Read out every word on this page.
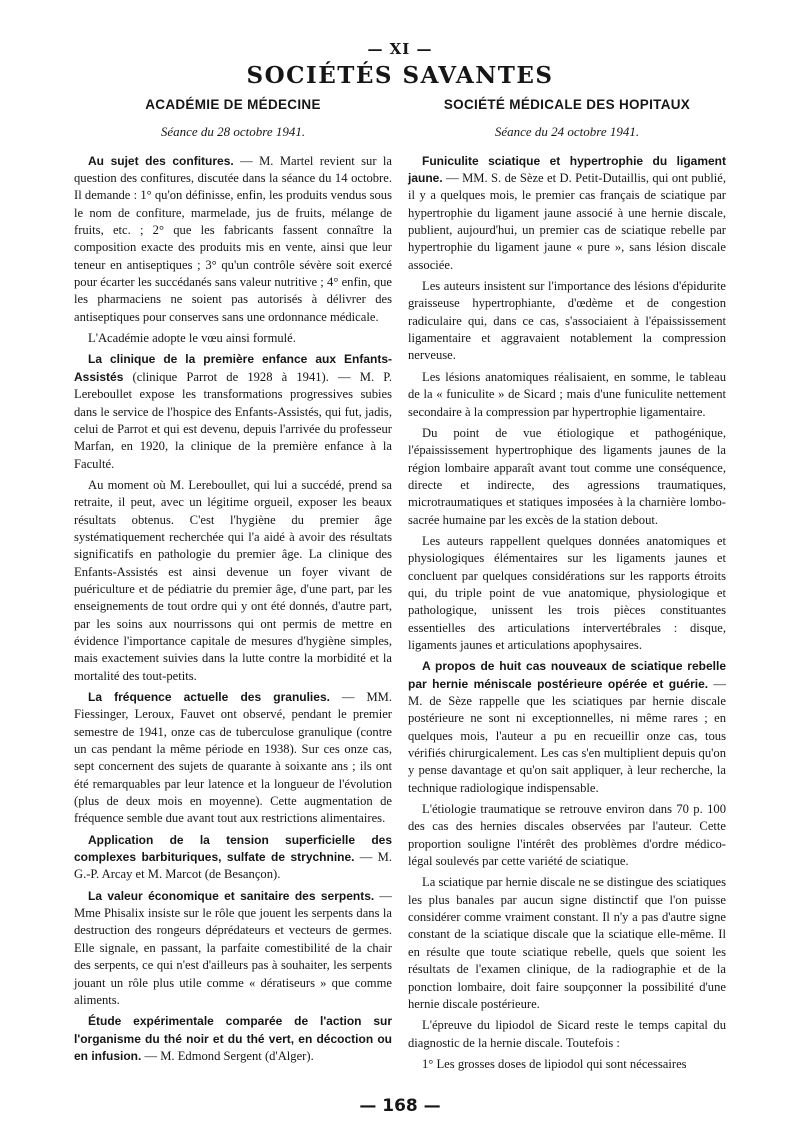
— XI —
SOCIÉTÉS SAVANTES
ACADÉMIE DE MÉDECINE
Séance du 28 octobre 1941.

Au sujet des confitures. — M. Martel revient sur la question des confitures, discutée dans la séance du 14 octobre. Il demande : 1° qu'on définisse, enfin, les produits vendus sous le nom de confiture, marmelade, jus de fruits, mélange de fruits, etc. ; 2° que les fabricants fassent connaître la composition exacte des produits mis en vente, ainsi que leur teneur en antiseptiques ; 3° qu'un contrôle sévère soit exercé pour écarter les succédanés sans valeur nutritive ; 4° enfin, que les pharmaciens ne soient pas autorisés à délivrer des antiseptiques pour conserves sans une ordonnance médicale.

L'Académie adopte le vœu ainsi formulé.

La clinique de la première enfance aux Enfants-Assistés (clinique Parrot de 1928 à 1941). — M. P. Lereboullet expose les transformations progressives subies dans le service de l'hospice des Enfants-Assistés, qui fut, jadis, celui de Parrot et qui est devenu, depuis l'arrivée du professeur Marfan, en 1920, la clinique de la première enfance à la Faculté.

Au moment où M. Lereboullet, qui lui a succédé, prend sa retraite, il peut, avec un légitime orgueil, exposer les beaux résultats obtenus. C'est l'hygiène du premier âge systématiquement recherchée qui l'a aidé à avoir des résultats significatifs en pathologie du premier âge. La clinique des Enfants-Assistés est ainsi devenue un foyer vivant de puériculture et de pédiatrie du premier âge, d'une part, par les enseignements de tout ordre qui y ont été donnés, d'autre part, par les soins aux nourrissons qui ont permis de mettre en évidence l'importance capitale de mesures d'hygiène simples, mais exactement suivies dans la lutte contre la morbidité et la mortalité des tout-petits.

La fréquence actuelle des granulies. — MM. Fiessinger, Leroux, Fauvet ont observé, pendant le premier semestre de 1941, onze cas de tuberculose granulique (contre un cas pendant la même période en 1938). Sur ces onze cas, sept concernent des sujets de quarante à soixante ans ; ils ont été remarquables par leur latence et la longueur de l'évolution (plus de deux mois en moyenne). Cette augmentation de fréquence semble due avant tout aux restrictions alimentaires.

Application de la tension superficielle des complexes barbituriques, sulfate de strychnine. — M. G.-P. Arcay et M. Marcot (de Besançon).

La valeur économique et sanitaire des serpents. — Mme Phisalix insiste sur le rôle que jouent les serpents dans la destruction des rongeurs déprédateurs et vecteurs de germes. Elle signale, en passant, la parfaite comestibilité de la chair des serpents, ce qui n'est d'ailleurs pas à souhaiter, les serpents jouant un rôle plus utile comme « dératiseurs » que comme aliments.

Étude expérimentale comparée de l'action sur l'organisme du thé noir et du thé vert, en décoction ou en infusion. — M. Edmond Sergent (d'Alger).

SOCIÉTÉ MÉDICALE DES HOPITAUX
Séance du 24 octobre 1941.

Funiculite sciatique et hypertrophie du ligament jaune. — MM. S. de Sèze et D. Petit-Dutaillis, qui ont publié, il y a quelques mois, le premier cas français de sciatique par hypertrophie du ligament jaune associé à une hernie discale, publient, aujourd'hui, un premier cas de sciatique rebelle par hypertrophie du ligament jaune « pure », sans lésion discale associée.

Les auteurs insistent sur l'importance des lésions d'épidurite graisseuse hypertrophiante, d'œdème et de congestion radiculaire qui, dans ce cas, s'associaient à l'épaississement ligamentaire et aggravaient notablement la compression nerveuse.

Les lésions anatomiques réalisaient, en somme, le tableau de la « funiculite » de Sicard ; mais d'une funiculite nettement secondaire à la compression par hypertrophie ligamentaire.

Du point de vue étiologique et pathogénique, l'épaississement hypertrophique des ligaments jaunes de la région lombaire apparaît avant tout comme une conséquence, directe et indirecte, des agressions traumatiques, microtraumatiques et statiques imposées à la charnière lombo-sacrée humaine par les excès de la station debout.

Les auteurs rappellent quelques données anatomiques et physiologiques élémentaires sur les ligaments jaunes et concluent par quelques considérations sur les rapports étroits qui, du triple point de vue anatomique, physiologique et pathologique, unissent les trois pièces constituantes essentielles des articulations intervertébrales : disque, ligaments jaunes et articulations apophysaires.

A propos de huit cas nouveaux de sciatique rebelle par hernie méniscale postérieure opérée et guérie. — M. de Sèze rappelle que les sciatiques par hernie discale postérieure ne sont ni exceptionnelles, ni même rares ; en quelques mois, l'auteur a pu en recueillir onze cas, tous vérifiés chirurgicalement. Les cas s'en multiplient depuis qu'on y pense davantage et qu'on sait appliquer, à leur recherche, la technique radiologique indispensable.

L'étiologie traumatique se retrouve environ dans 70 p. 100 des cas des hernies discales observées par l'auteur. Cette proportion souligne l'intérêt des problèmes d'ordre médico-légal soulevés par cette variété de sciatique.

La sciatique par hernie discale ne se distingue des sciatiques les plus banales par aucun signe distinctif que l'on puisse considérer comme vraiment constant. Il n'y a pas d'autre signe constant de la sciatique discale que la sciatique elle-même. Il en résulte que toute sciatique rebelle, quels que soient les résultats de l'examen clinique, de la radiographie et de la ponction lombaire, doit faire soupçonner la possibilité d'une hernie discale postérieure.

L'épreuve du lipiodol de Sicard reste le temps capital du diagnostic de la hernie discale. Toutefois :

1° Les grosses doses de lipiodol qui sont nécessaires

— 168 —
